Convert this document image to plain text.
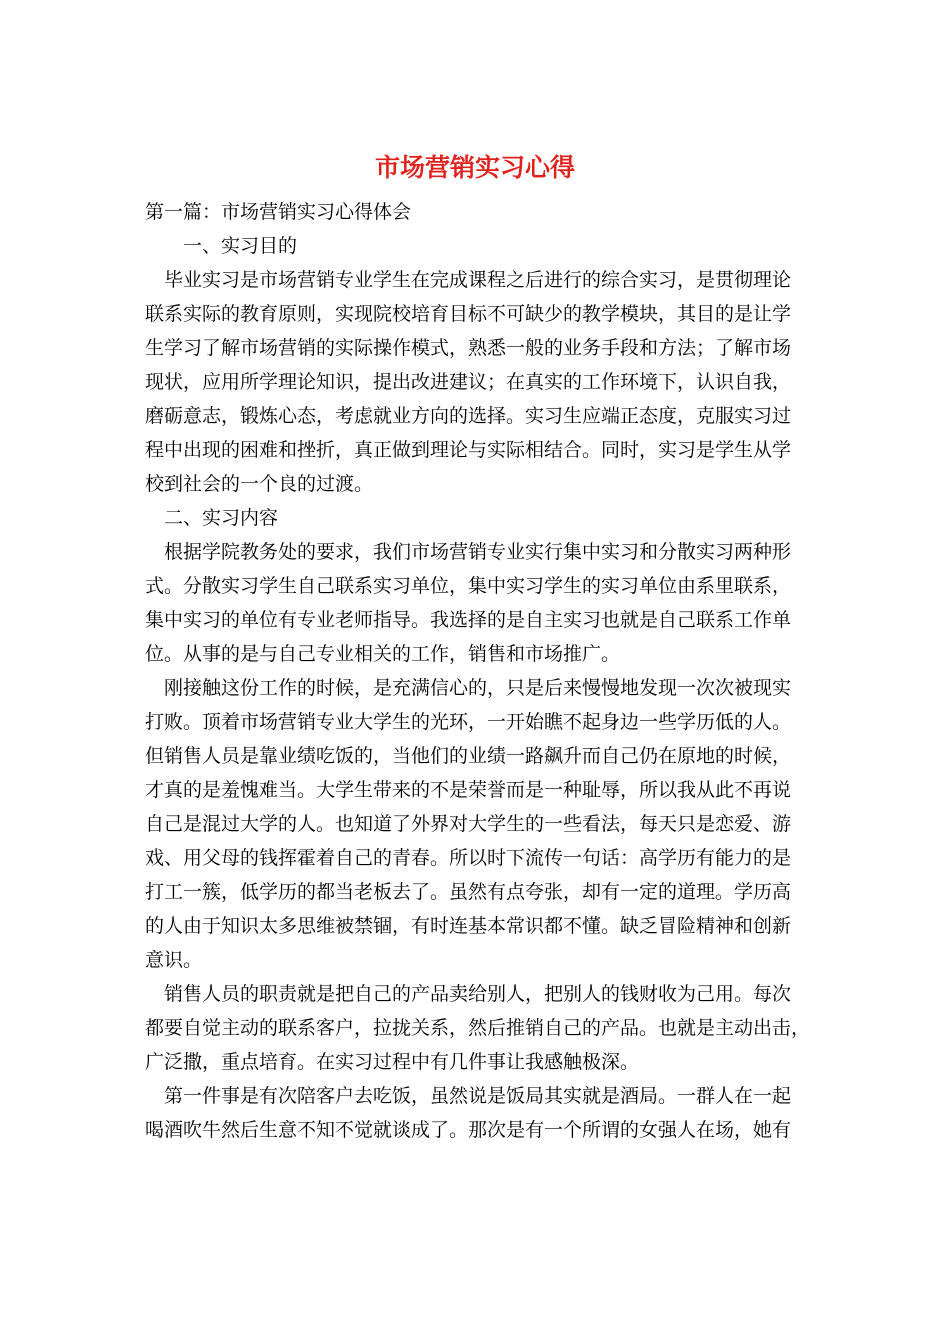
市场营销实习心得
第一篇：市场营销实习心得体会
一、实习目的
毕业实习是市场营销专业学生在完成课程之后进行的综合实习，是贯彻理论
联系实际的教育原则，实现院校培育目标不可缺少的教学模块，其目的是让学
生学习了解市场营销的实际操作模式，熟悉一般的业务手段和方法；了解市场
现状，应用所学理论知识，提出改进建议；在真实的工作环境下，认识自我，
磨砺意志，锻炼心态，考虑就业方向的选择。实习生应端正态度，克服实习过
程中出现的困难和挫折，真正做到理论与实际相结合。同时，实习是学生从学
校到社会的一个良的过渡。
二、实习内容
根据学院教务处的要求，我们市场营销专业实行集中实习和分散实习两种形
式。分散实习学生自己联系实习单位，集中实习学生的实习单位由系里联系，
集中实习的单位有专业老师指导。我选择的是自主实习也就是自己联系工作单
位。从事的是与自己专业相关的工作，销售和市场推广。
刚接触这份工作的时候，是充满信心的，只是后来慢慢地发现一次次被现实
打败。顶着市场营销专业大学生的光环，一开始瞧不起身边一些学历低的人。
但销售人员是靠业绩吃饭的，当他们的业绩一路飙升而自己仍在原地的时候，
才真的是羞愧难当。大学生带来的不是荣誉而是一种耻辱，所以我从此不再说
自己是混过大学的人。也知道了外界对大学生的一些看法，每天只是恋爱、游
戏、用父母的钱挥霍着自己的青春。所以时下流传一句话：高学历有能力的是
打工一簇，低学历的都当老板去了。虽然有点夸张，却有一定的道理。学历高
的人由于知识太多思维被禁锢，有时连基本常识都不懂。缺乏冒险精神和创新
意识。
销售人员的职责就是把自己的产品卖给别人，把别人的钱财收为己用。每次
都要自觉主动的联系客户，拉拢关系，然后推销自己的产品。也就是主动出击，
广泛撒，重点培育。在实习过程中有几件事让我感触极深。
第一件事是有次陪客户去吃饭，虽然说是饭局其实就是酒局。一群人在一起
喝酒吹牛然后生意不知不觉就谈成了。那次是有一个所谓的女强人在场，她有
